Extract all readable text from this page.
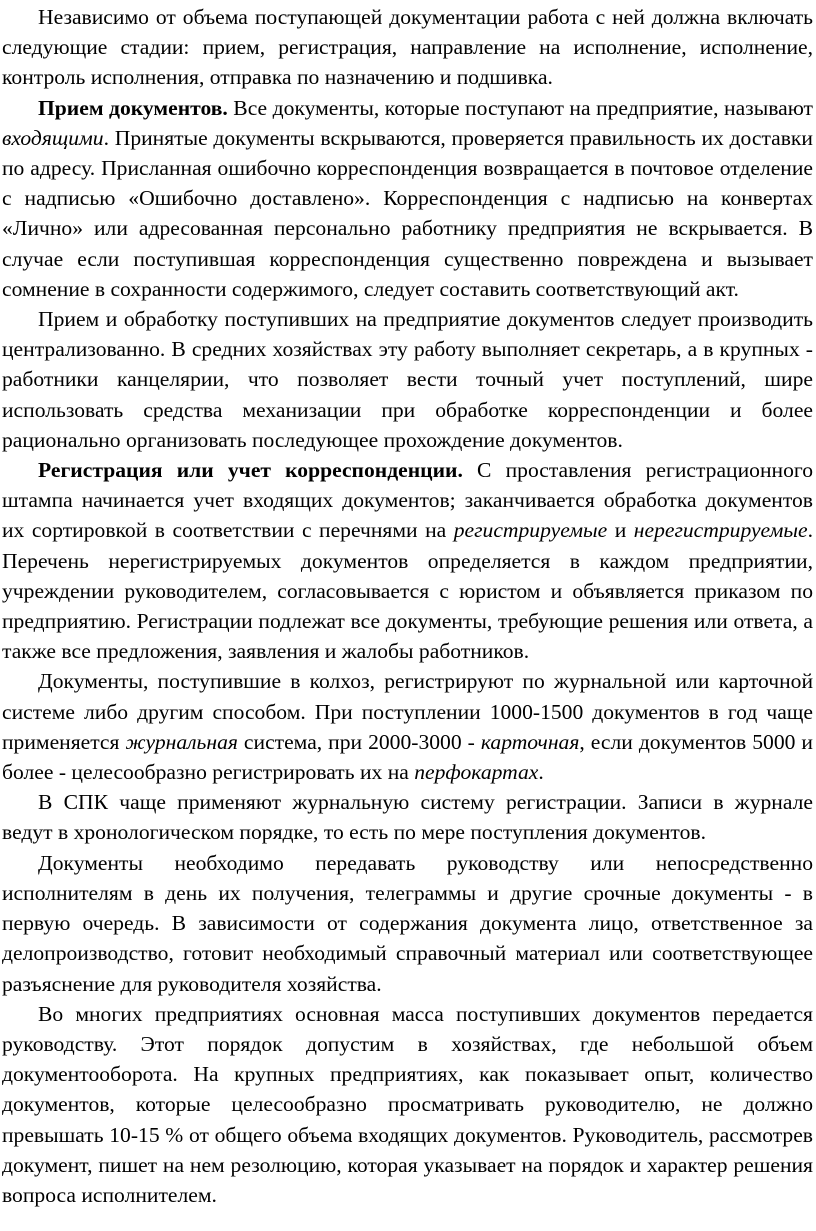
Независимо от объема поступающей документации работа с ней должна включать следующие стадии: прием, регистрация, направление на исполнение, исполнение, контроль исполнения, отправка по назначению и подшивка.

Прием документов. Все документы, которые поступают на предприятие, называют входящими. Принятые документы вскрываются, проверяется правильность их доставки по адресу. Присланная ошибочно корреспонденция возвращается в почтовое отделение с надписью «Ошибочно доставлено». Корреспонденция с надписью на конвертах «Лично» или адресованная персонально работнику предприятия не вскрывается. В случае если поступившая корреспонденция существенно повреждена и вызывает сомнение в сохранности содержимого, следует составить соответствующий акт.

Прием и обработку поступивших на предприятие документов следует производить централизованно. В средних хозяйствах эту работу выполняет секретарь, а в крупных - работники канцелярии, что позволяет вести точный учет поступлений, шире использовать средства механизации при обработке корреспонденции и более рационально организовать последующее прохождение документов.

Регистрация или учет корреспонденции. С проставления регистрационного штампа начинается учет входящих документов; заканчивается обработка документов их сортировкой в соответствии с перечнями на регистрируемые и нерегистрируемые. Перечень нерегистрируемых документов определяется в каждом предприятии, учреждении руководителем, согласовывается с юристом и объявляется приказом по предприятию. Регистрации подлежат все документы, требующие решения или ответа, а также все предложения, заявления и жалобы работников.

Документы, поступившие в колхоз, регистрируют по журнальной или карточной системе либо другим способом. При поступлении 1000-1500 документов в год чаще применяется журнальная система, при 2000-3000 - карточная, если документов 5000 и более - целесообразно регистрировать их на перфокартах.

В СПК чаще применяют журнальную систему регистрации. Записи в журнале ведут в хронологическом порядке, то есть по мере поступления документов.

Документы необходимо передавать руководству или непосредственно исполнителям в день их получения, телеграммы и другие срочные документы - в первую очередь. В зависимости от содержания документа лицо, ответственное за делопроизводство, готовит необходимый справочный материал или соответствующее разъяснение для руководителя хозяйства.

Во многих предприятиях основная масса поступивших документов передается руководству. Этот порядок допустим в хозяйствах, где небольшой объем документооборота. На крупных предприятиях, как показывает опыт, количество документов, которые целесообразно просматривать руководителю, не должно превышать 10-15 % от общего объема входящих документов. Руководитель, рассмотрев документ, пишет на нем резолюцию, которая указывает на порядок и характер решения вопроса исполнителем.
